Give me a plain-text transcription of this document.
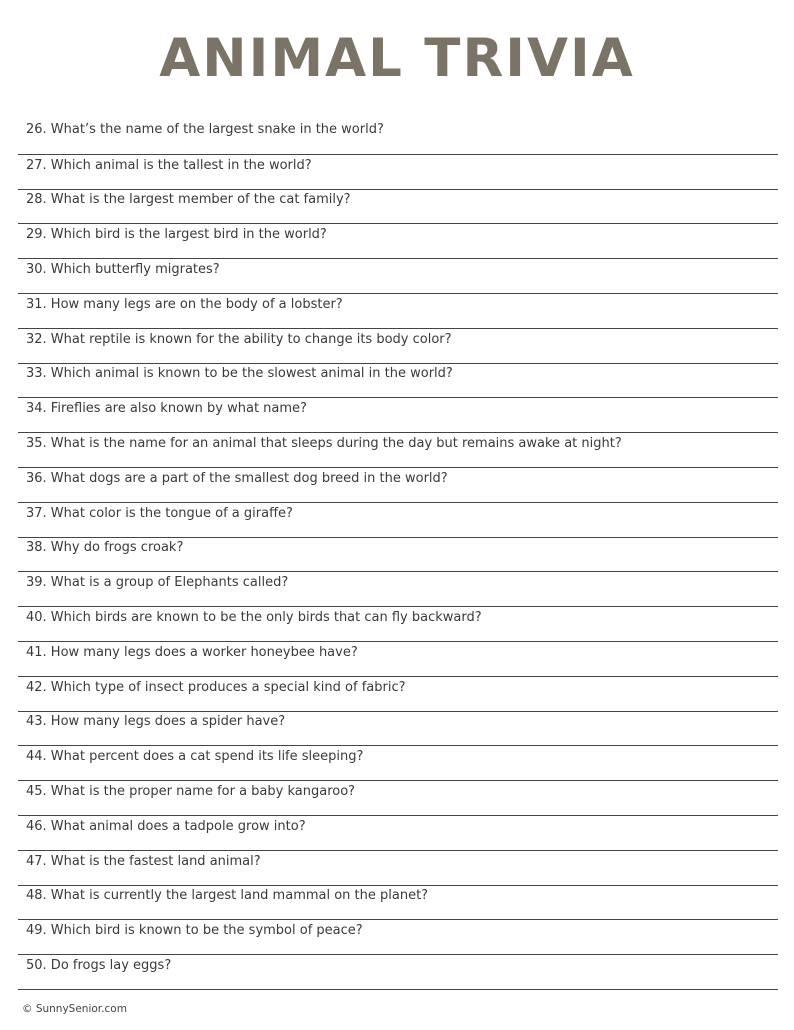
ANIMAL TRIVIA
26. What’s the name of the largest snake in the world?
27. Which animal is the tallest in the world?
28. What is the largest member of the cat family?
29. Which bird is the largest bird in the world?
30. Which butterfly migrates?
31. How many legs are on the body of a lobster?
32. What reptile is known for the ability to change its body color?
33. Which animal is known to be the slowest animal in the world?
34. Fireflies are also known by what name?
35. What is the name for an animal that sleeps during the day but remains awake at night?
36. What dogs are a part of the smallest dog breed in the world?
37. What color is the tongue of a giraffe?
38. Why do frogs croak?
39. What is a group of Elephants called?
40. Which birds are known to be the only birds that can fly backward?
41. How many legs does a worker honeybee have?
42. Which type of insect produces a special kind of fabric?
43. How many legs does a spider have?
44. What percent does a cat spend its life sleeping?
45. What is the proper name for a baby kangaroo?
46. What animal does a tadpole grow into?
47. What is the fastest land animal?
48. What is currently the largest land mammal on the planet?
49. Which bird is known to be the symbol of peace?
50. Do frogs lay eggs?
© SunnySenior.com
